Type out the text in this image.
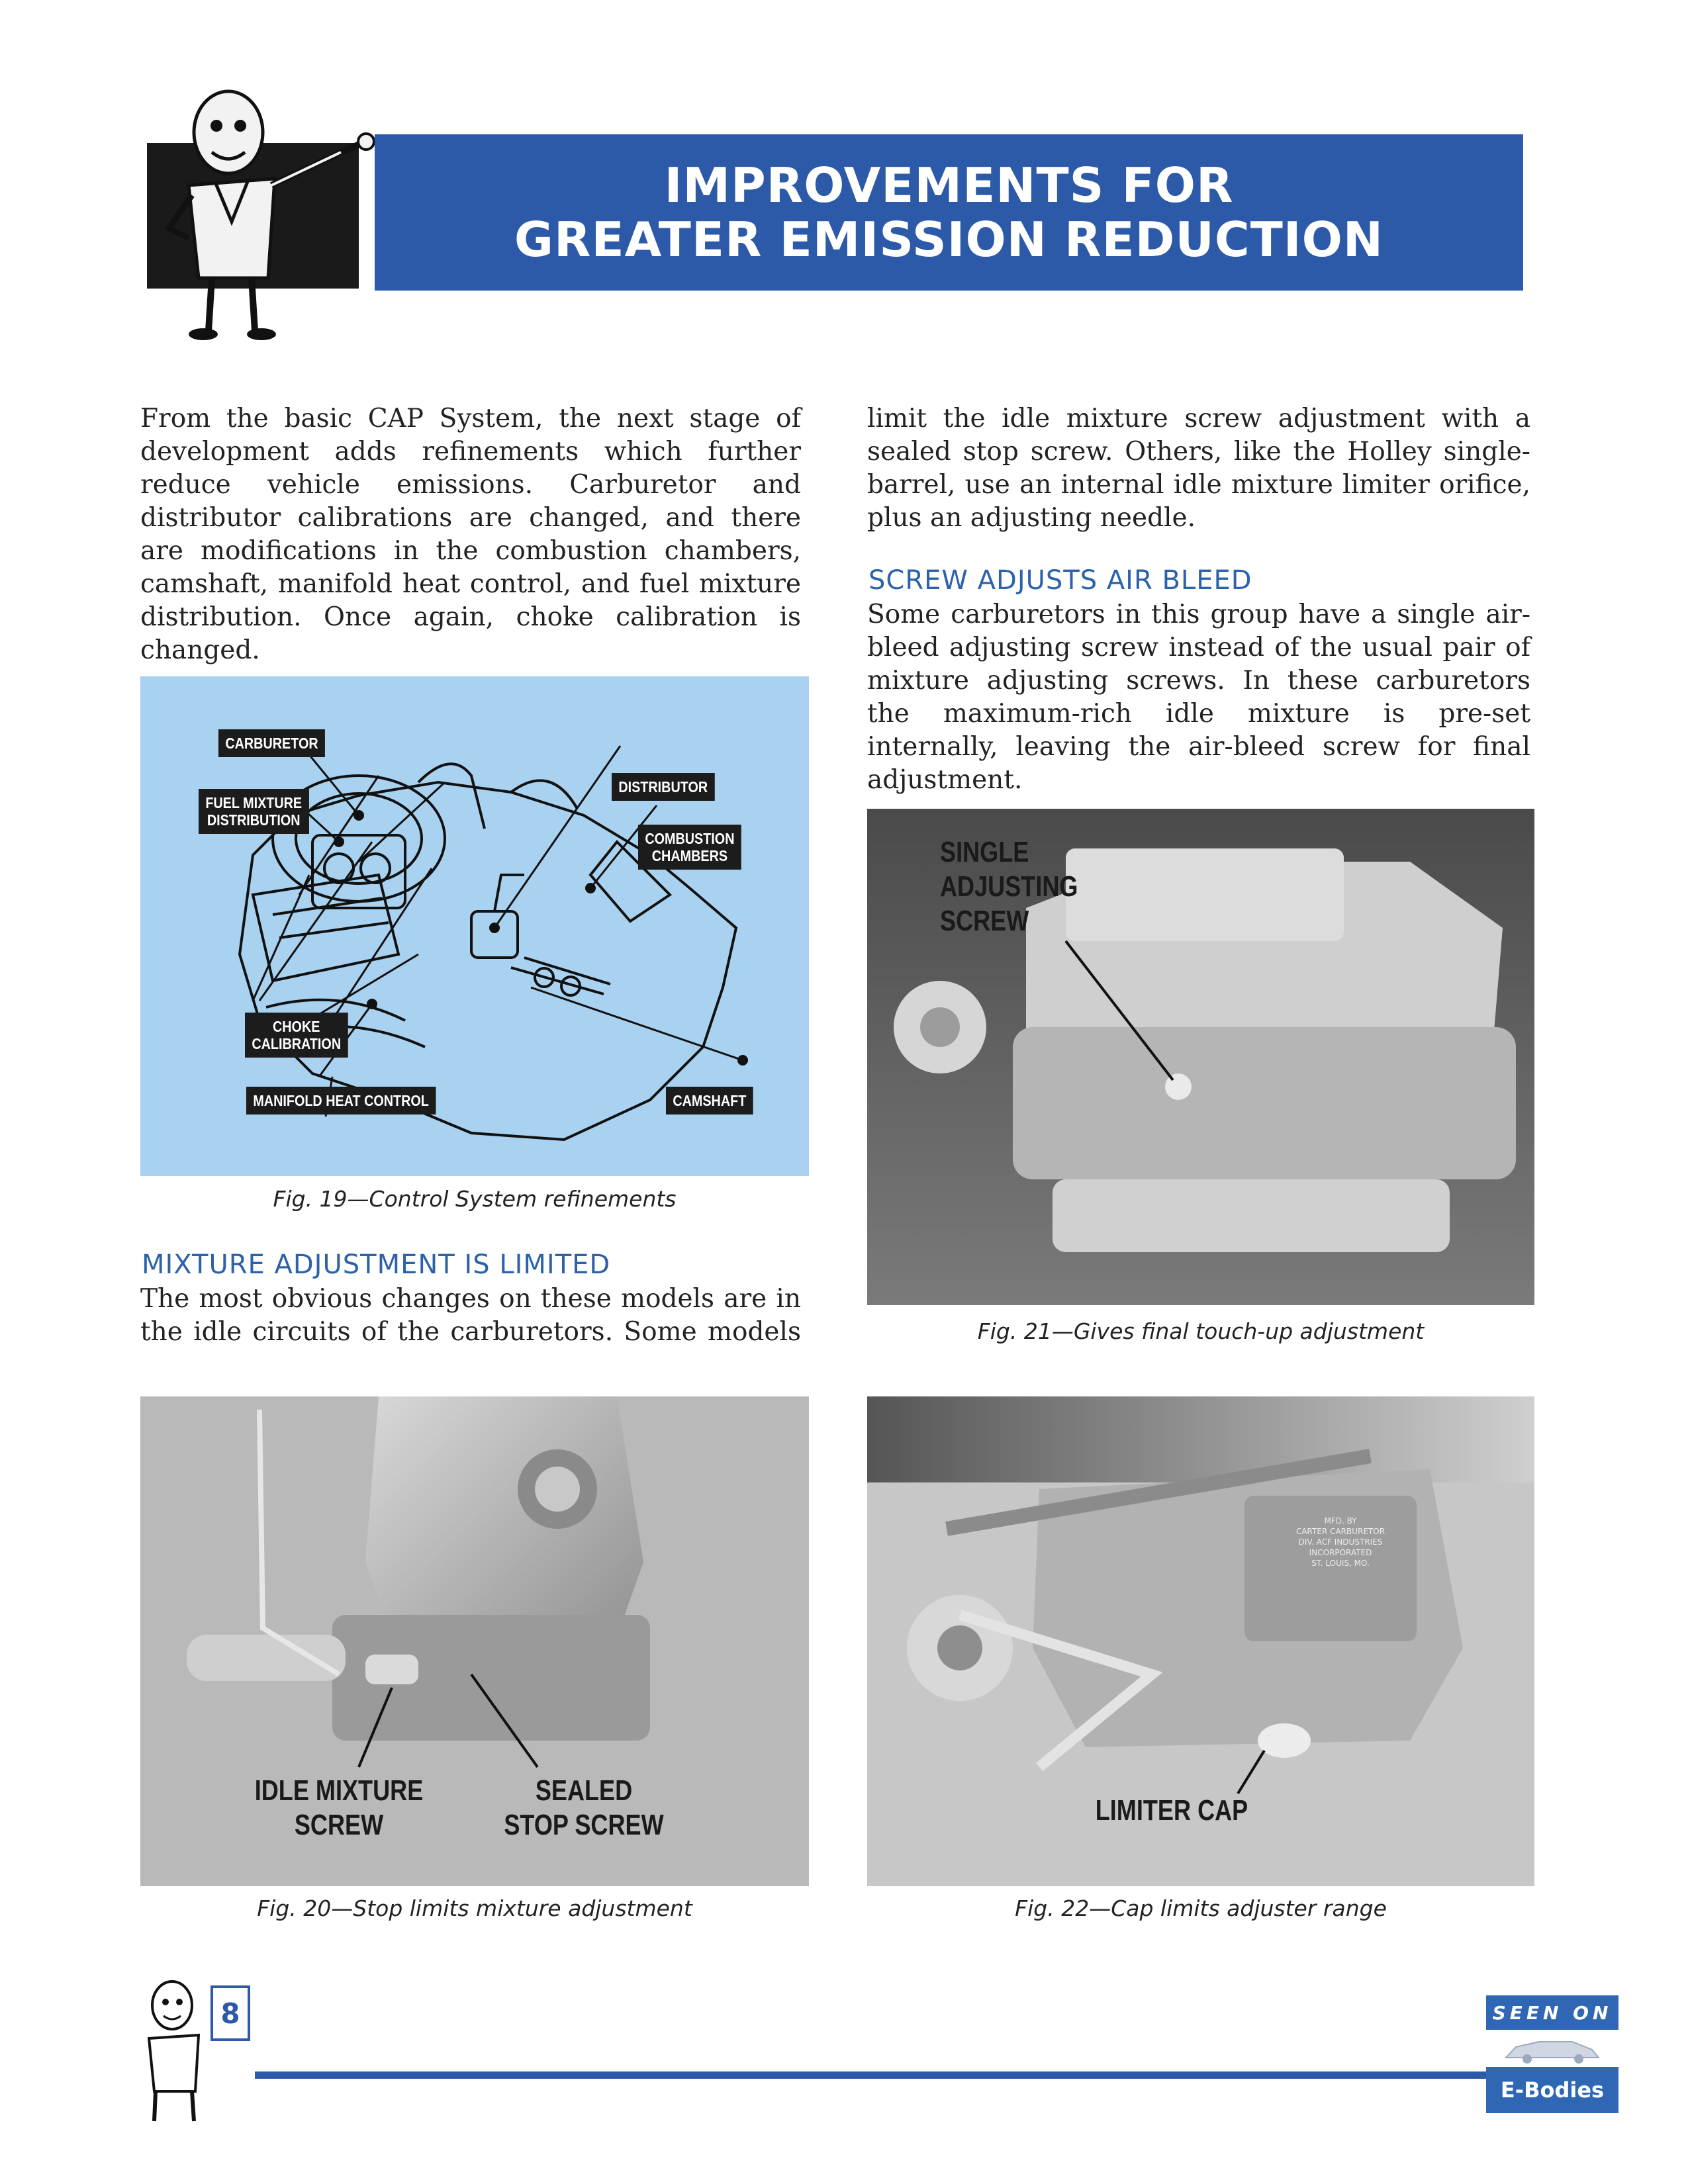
IMPROVEMENTS FOR
GREATER EMISSION REDUCTION
From the basic CAP System, the next stage of development adds refinements which further reduce vehicle emissions. Carburetor and distributor calibrations are changed, and there are modifications in the combustion chambers, camshaft, manifold heat control, and fuel mixture distribution. Once again, choke calibration is changed.
CARBURETOR
FUEL MIXTURE
DISTRIBUTION
DISTRIBUTOR
COMBUSTION
CHAMBERS
CHOKE
CALIBRATION
MANIFOLD HEAT CONTROL	CAMSHAFT
Fig. 19—Control System refinements
MIXTURE ADJUSTMENT IS LIMITED
The most obvious changes on these models are in the idle circuits of the carburetors. Some models
IDLE MIXTURE
SCREW
SEALED
STOP SCREW
Fig. 20—Stop limits mixture adjustment
limit the idle mixture screw adjustment with a sealed stop screw. Others, like the Holley single-barrel, use an internal idle mixture limiter orifice, plus an adjusting needle.
SCREW ADJUSTS AIR BLEED
Some carburetors in this group have a single air-bleed adjusting screw instead of the usual pair of mixture adjusting screws. In these carburetors the maximum-rich idle mixture is pre-set internally, leaving the air-bleed screw for final adjustment.
SINGLE
ADJUSTING
SCREW
Fig. 21—Gives final touch-up adjustment
MFD. BY
CARTER CARBURETOR
DIV. ACF INDUSTRIES
INCORPORATED
ST. LOUIS, MO.
LIMITER CAP
Fig. 22—Cap limits adjuster range
8	SEEN ON
E-Bodies
